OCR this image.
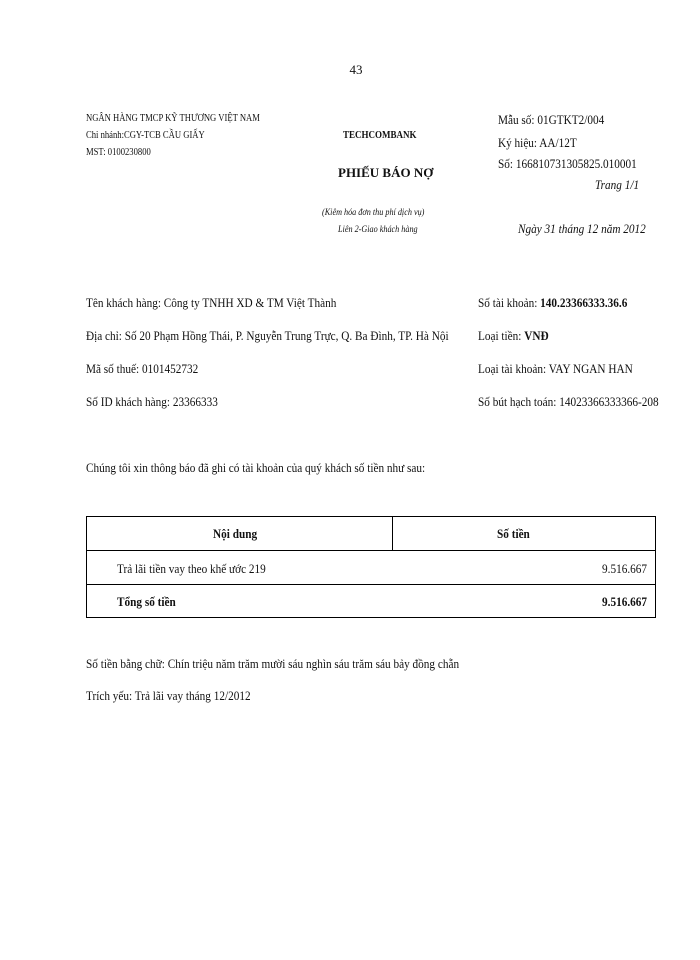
43
NGÂN HÀNG TMCP KỸ THƯƠNG VIỆT NAM
Chi nhánh:CGY-TCB CẦU GIẤY
MST: 0100230800
TECHCOMBANK
PHIẾU BÁO NỢ
(Kiêm hóa đơn thu phí dịch vụ)
Liên 2-Giao khách hàng
Mẫu số: 01GTKT2/004
Ký hiệu: AA/12T
Số: 166810731305825.010001
Trang 1/1
Ngày 31 tháng 12 năm 2012
Tên khách hàng: Công ty TNHH XD & TM Việt Thành
Địa chỉ: Số 20 Phạm Hồng Thái, P. Nguyễn Trung Trực, Q. Ba Đình, TP. Hà Nội
Mã số thuế: 0101452732
Số ID khách hàng: 23366333
Số tài khoản: 140.23366333.36.6
Loại tiền: VNĐ
Loại tài khoản: VAY NGAN HAN
Số bút hạch toán: 14023366333366-208
Chúng tôi xin thông báo đã ghi có tài khoản của quý khách số tiền như sau:
Nội dung	Số tiền
Trả lãi tiền vay theo khế ước 219	9.516.667
Tổng số tiền	9.516.667
Số tiền bằng chữ: Chín triệu năm trăm mười sáu nghìn sáu trăm sáu bảy đồng chẵn
Trích yếu: Trả lãi vay tháng 12/2012
